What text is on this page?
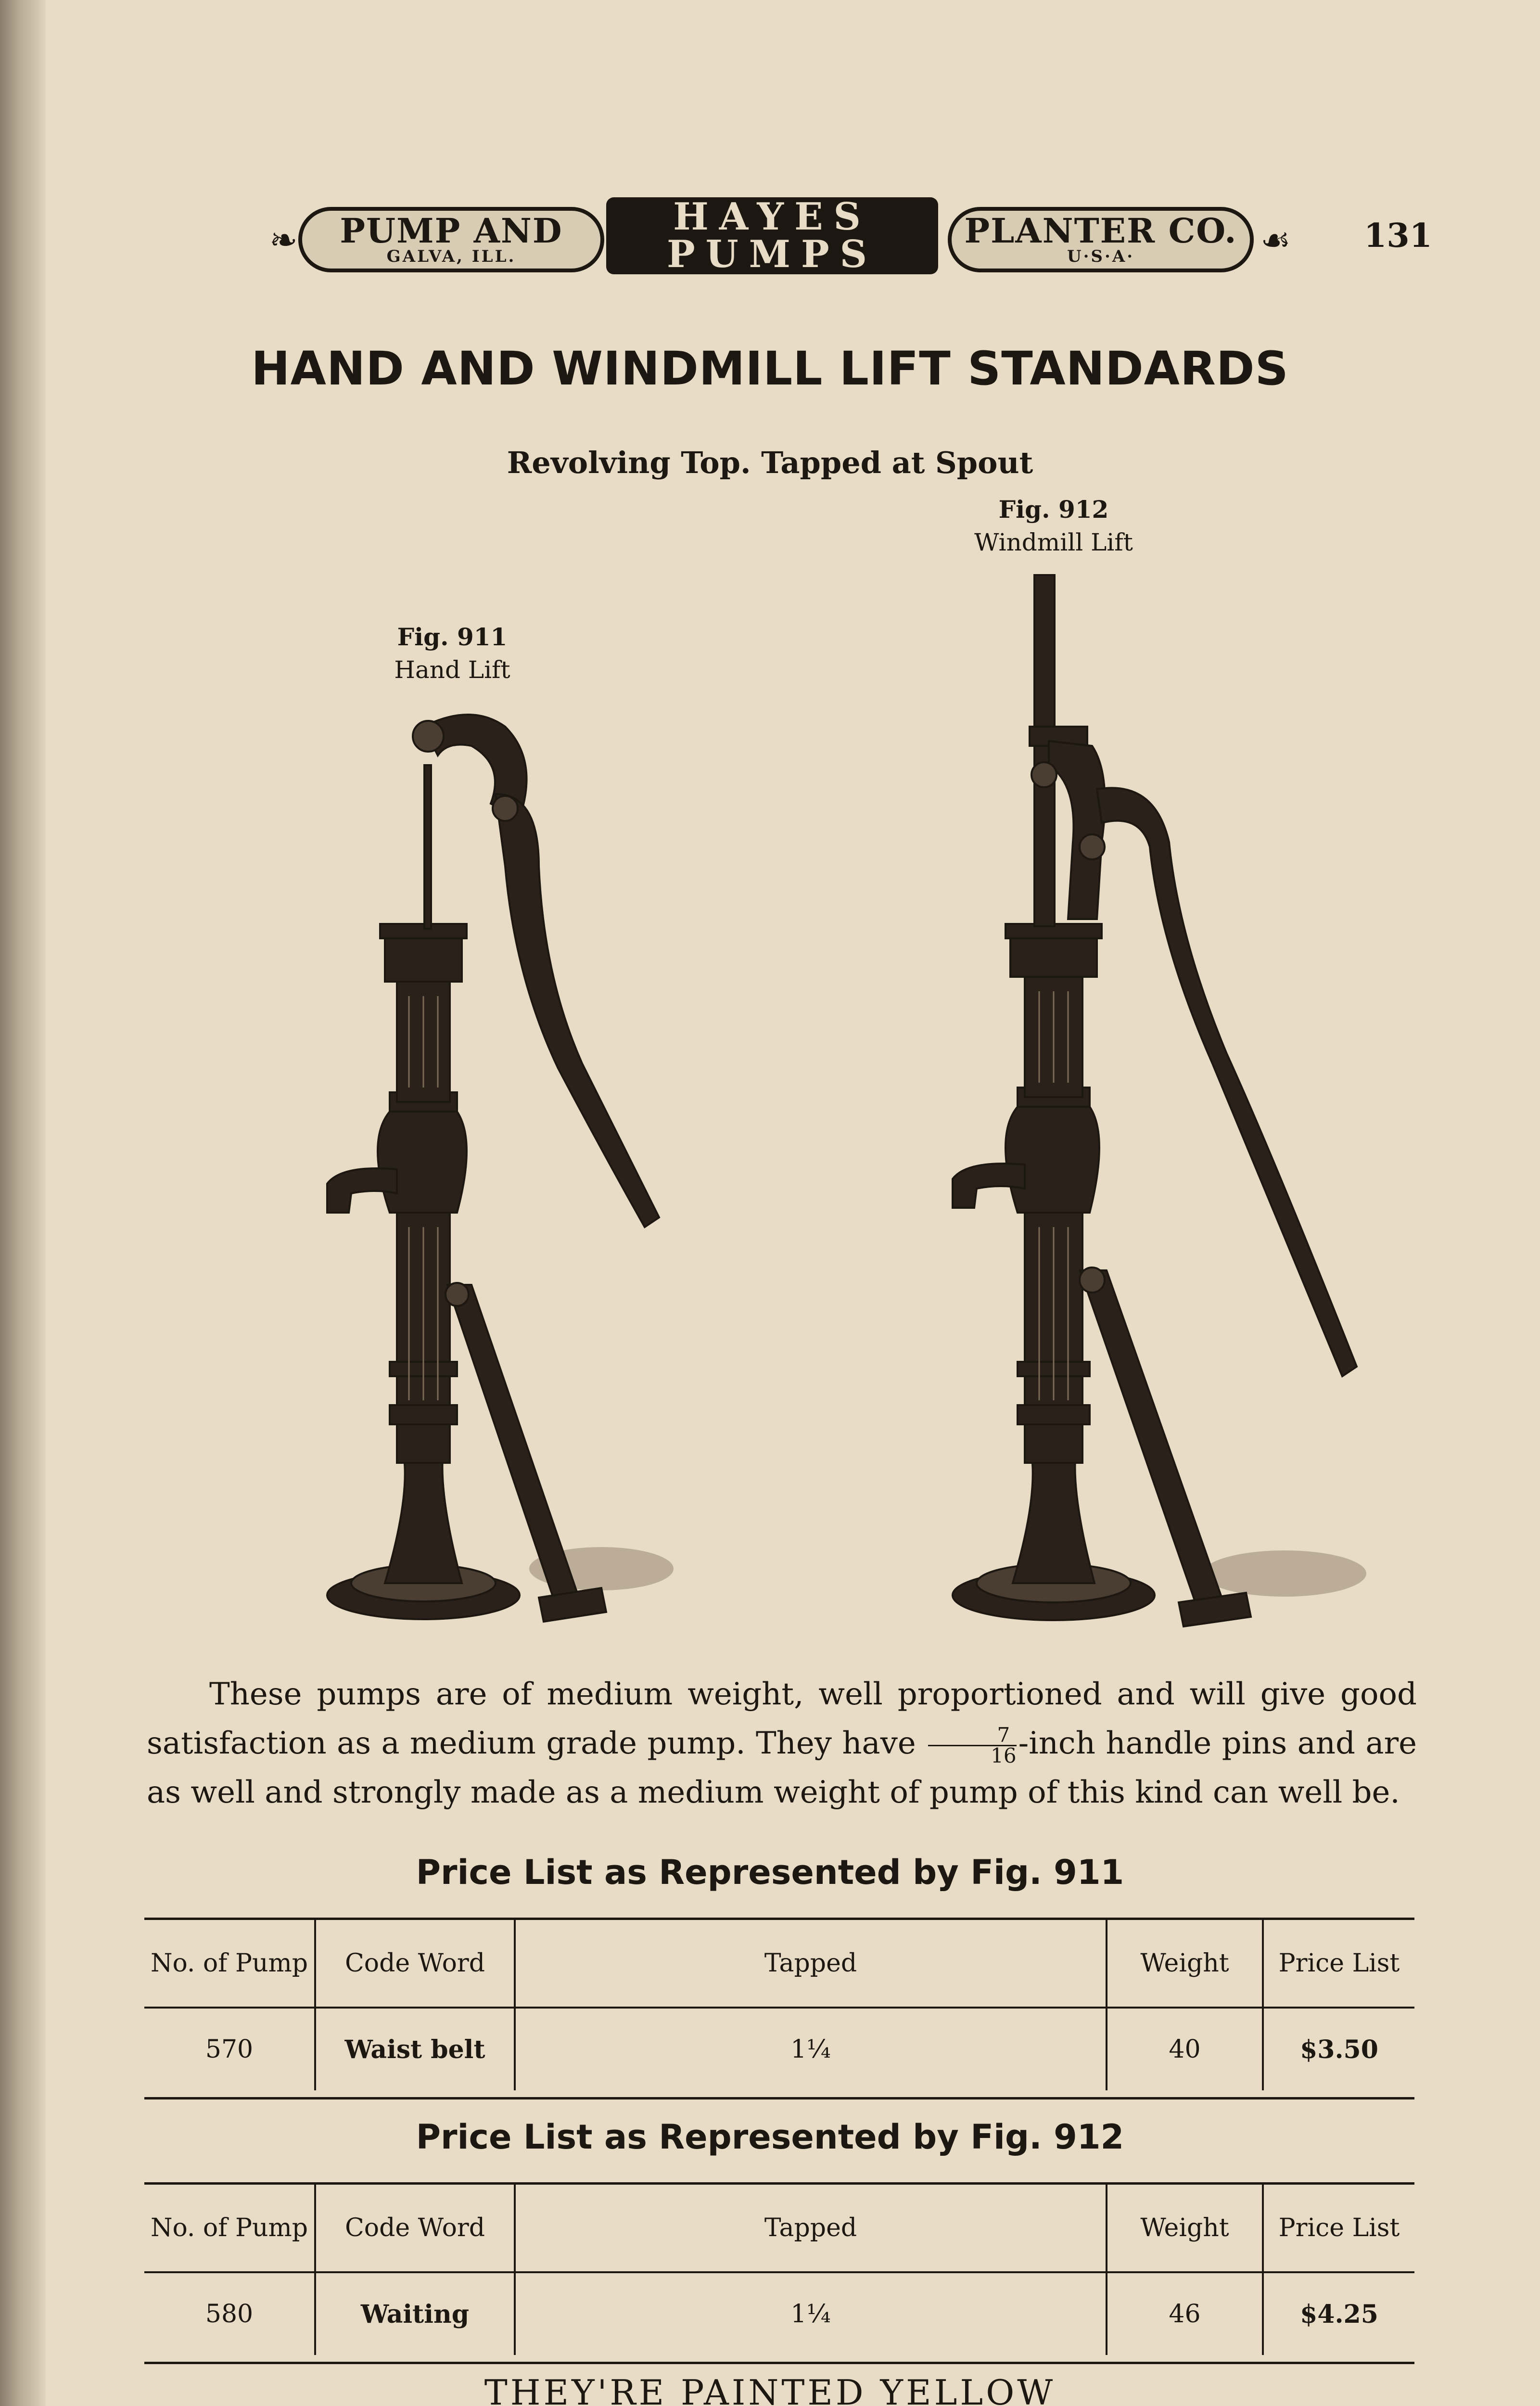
❧ PUMP AND
GALVA, ILL.
HAYES
PUMPS
PLANTER CO.
U·S·A·	☙ 131
HAND AND WINDMILL LIFT STANDARDS
Revolving Top. Tapped at Spout
Fig. 911
Hand Lift
Fig. 912
Windmill Lift

These pumps are of medium weight, well proportioned and will give good satisfaction as a medium grade pump. They have $\frac{7}{16}$ -inch handle pins and are as well and strongly made as a medium weight of pump of this kind can well be.

Price List as Represented by Fig. 911
No. of Pump	Code Word	Tapped	Weight	Price List
570	Waist belt	1¼	40	$3.50
Price List as Represented by Fig. 912
No. of Pump	Code Word	Tapped	Weight	Price List
580	Waiting	1¼	46	$4.25
THEY'RE PAINTED YELLOW
